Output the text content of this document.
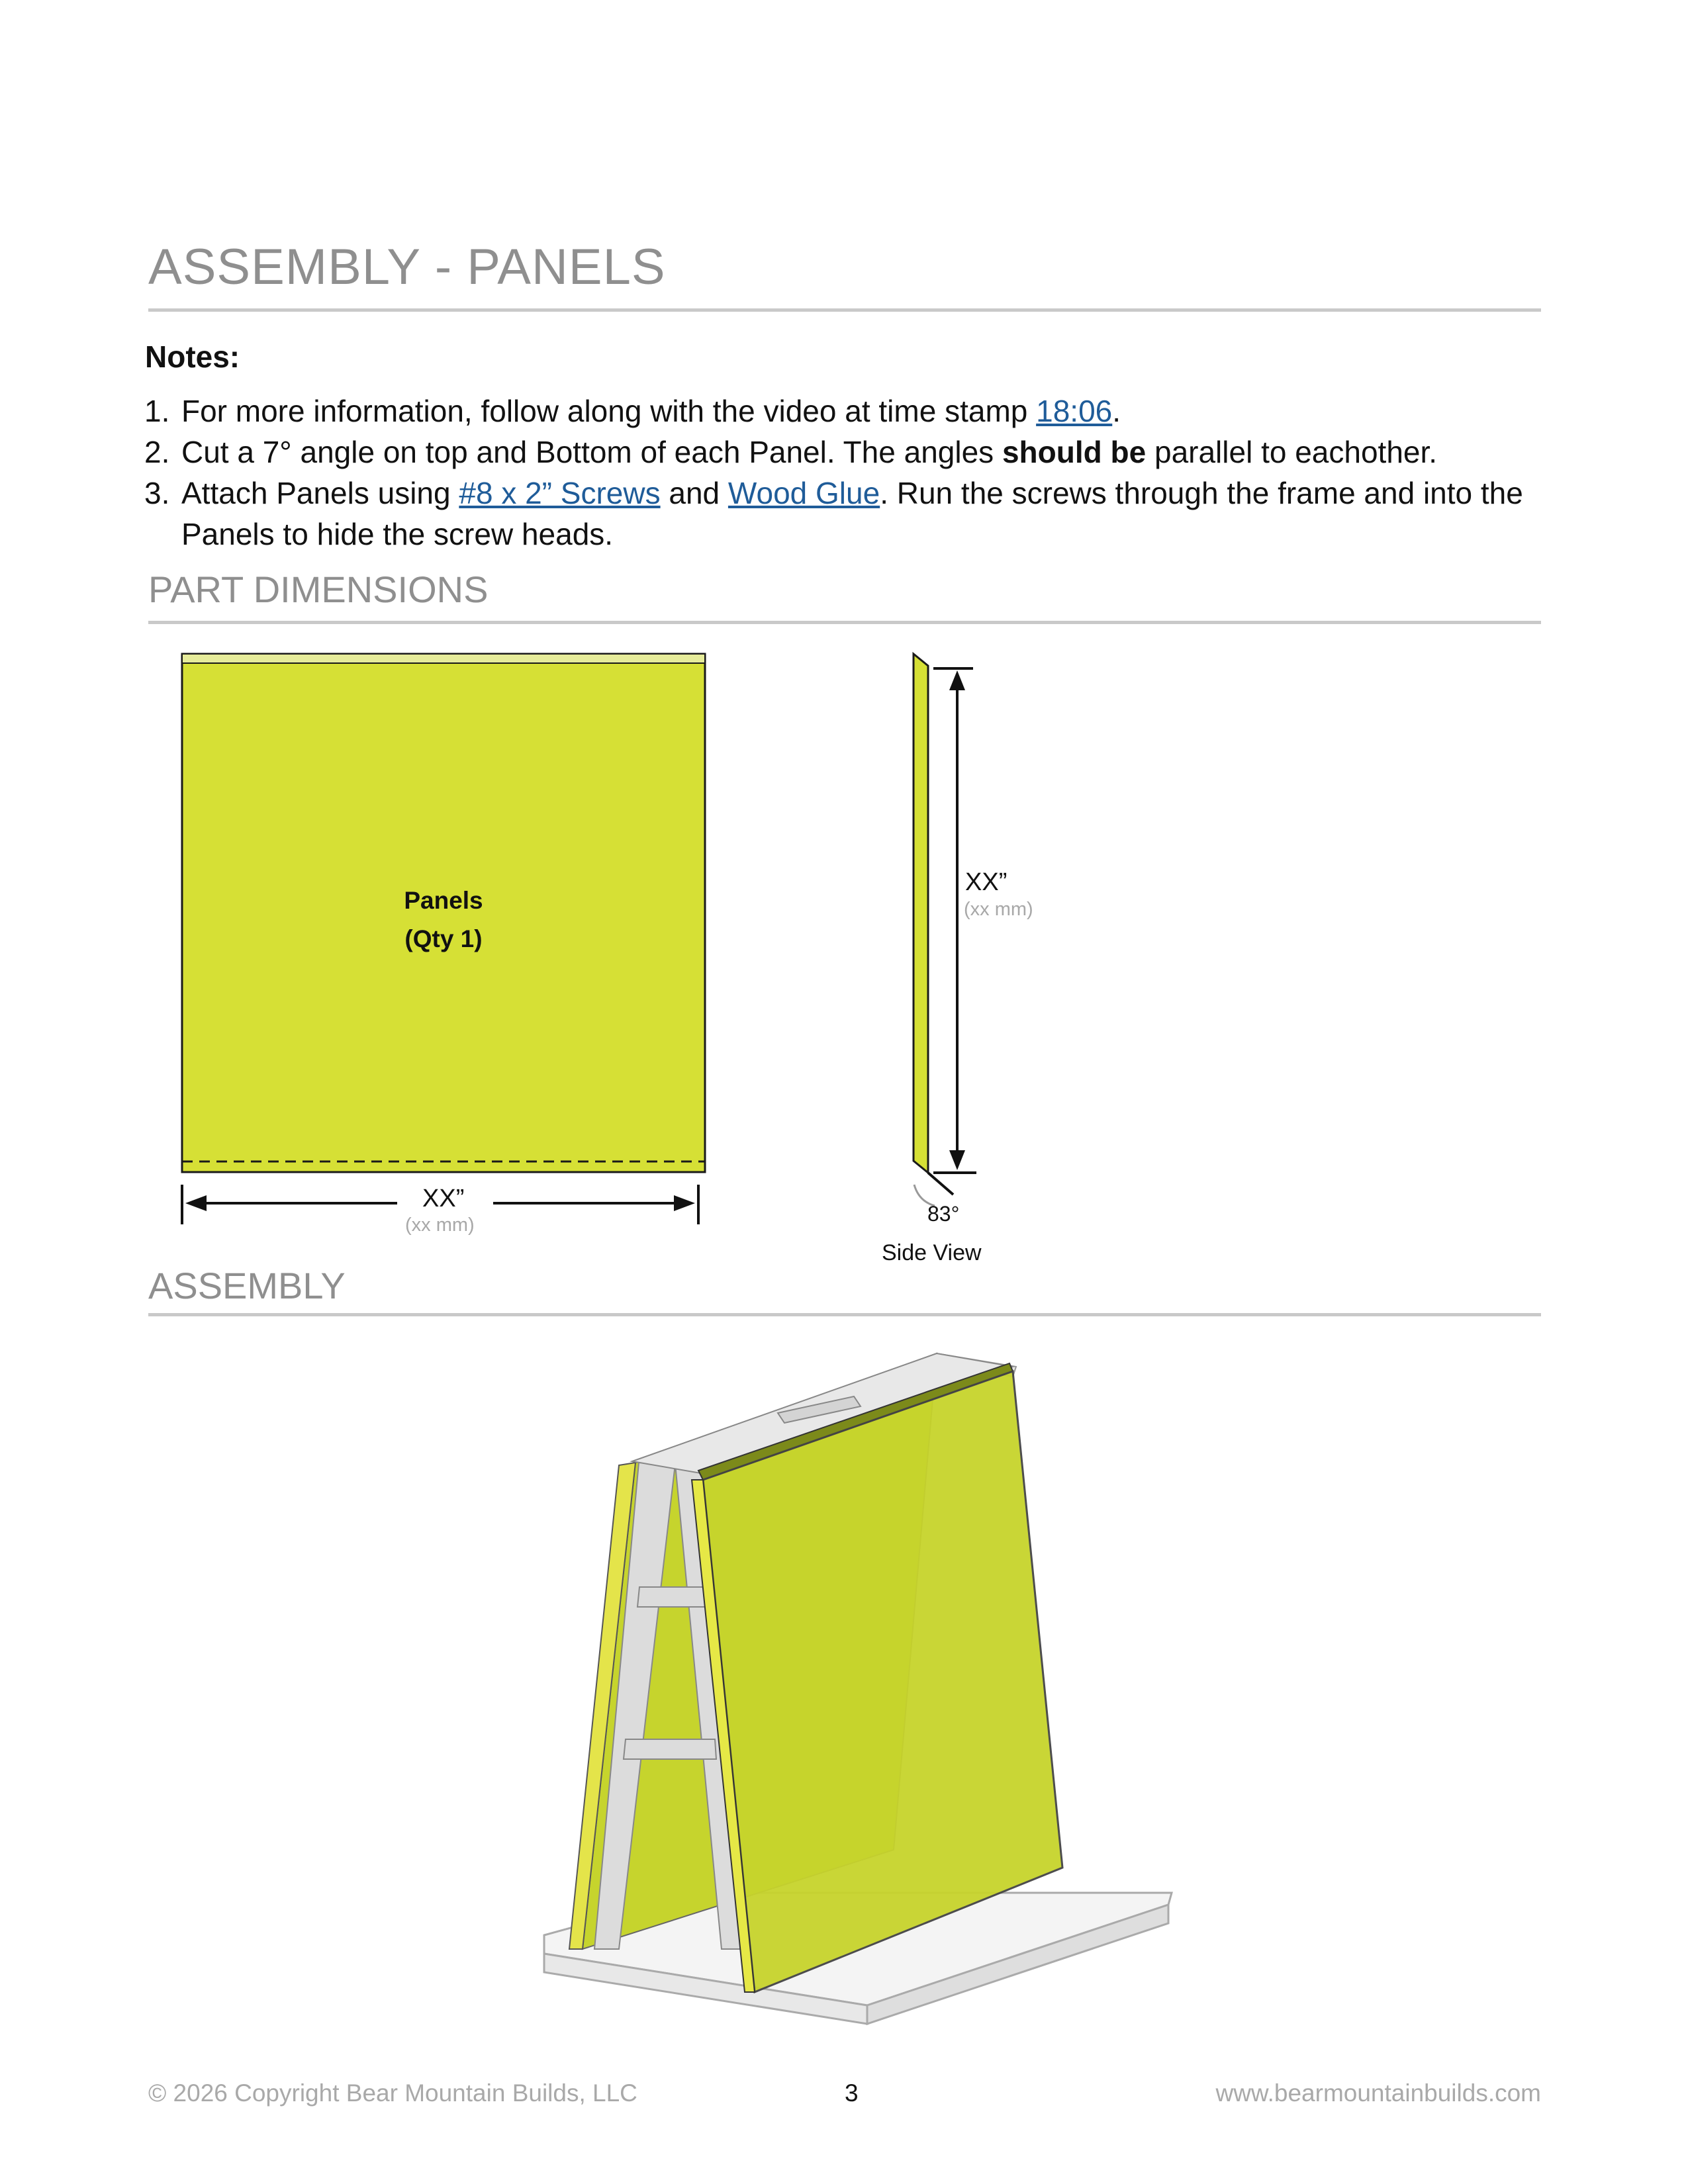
ASSEMBLY - PANELS
Notes:
1. For more information, follow along with the video at time stamp 18:06.
2. Cut a 7° angle on top and Bottom of each Panel. The angles should be parallel to eachother.
3. Attach Panels using #8 x 2” Screws and Wood Glue. Run the screws through the frame and into the Panels to hide the screw heads.
PART DIMENSIONS
Panels
(Qty 1)
XX”
(xx mm)
XX”
(xx mm)
83°
Side View
ASSEMBLY
© 2026 Copyright Bear Mountain Builds, LLC	3	www.bearmountainbuilds.com
